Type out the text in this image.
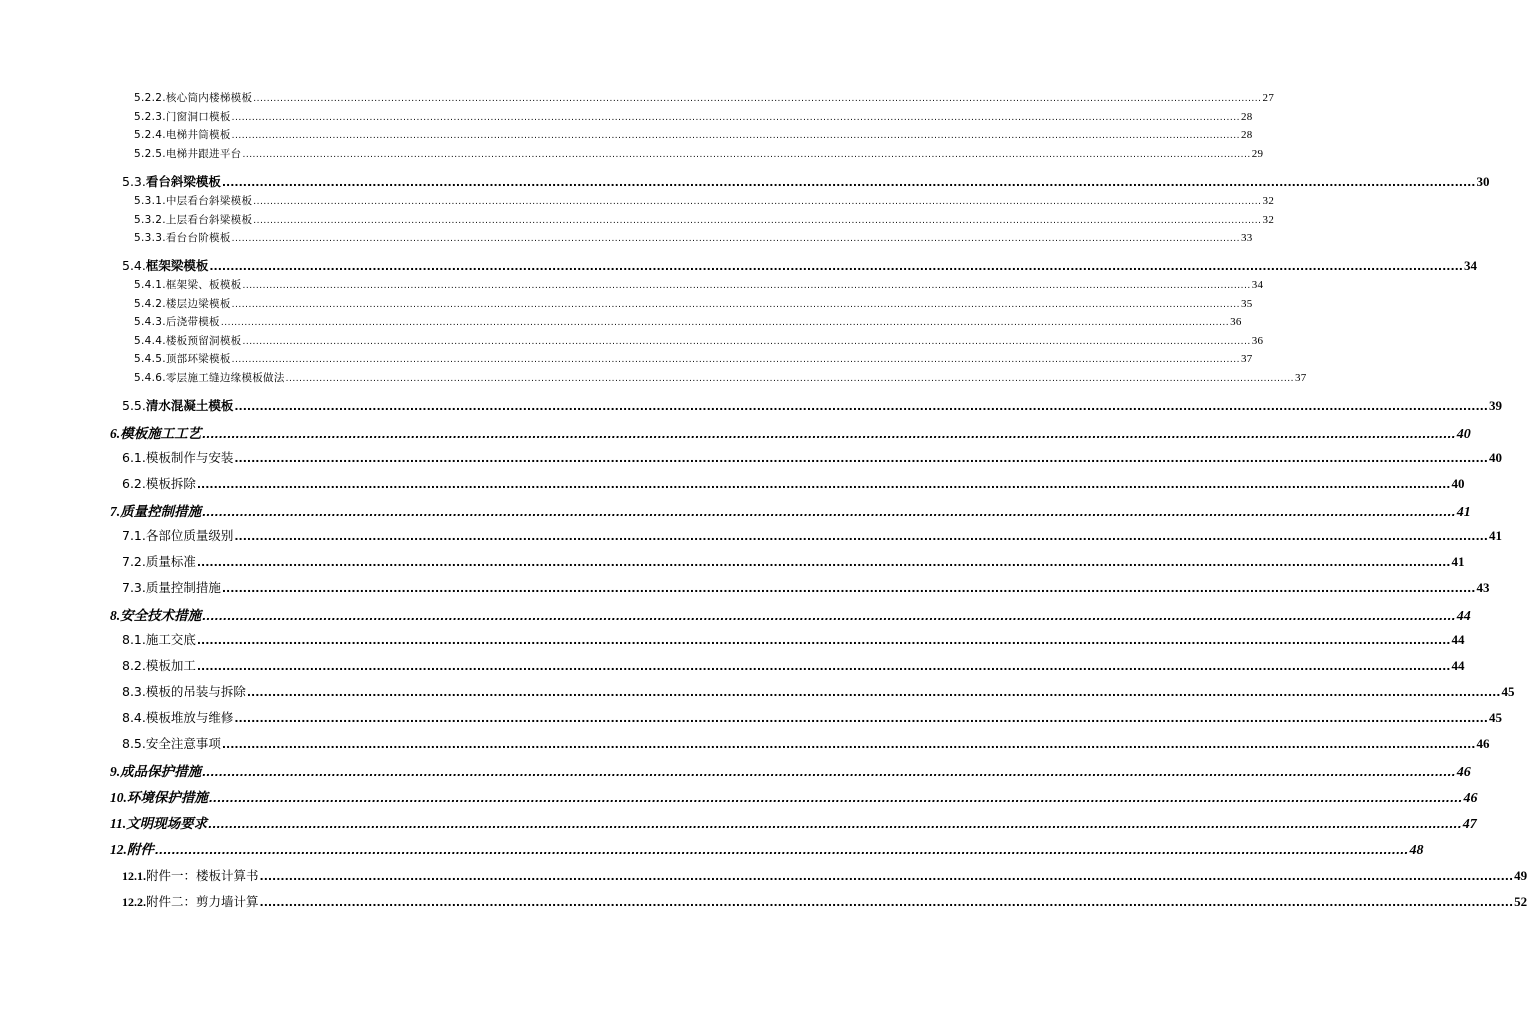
5.2.2. 核心筒内楼梯模板 ............................................................................................................................................................................................................................................................................................................ 27
5.2.3. 门窗洞口模板 ............................................................................................................................................................................................................................................................................................................ 28
5.2.4. 电梯井筒模板 ............................................................................................................................................................................................................................................................................................................ 28
5.2.5. 电梯井跟进平台 ............................................................................................................................................................................................................................................................................................................ 29
5.3. 看台斜梁模板 ............................................................................................................................................................................................................................................................................................................ 30
5.3.1. 中层看台斜梁模板 ............................................................................................................................................................................................................................................................................................................ 32
5.3.2. 上层看台斜梁模板 ............................................................................................................................................................................................................................................................................................................ 32
5.3.3. 看台台阶模板 ............................................................................................................................................................................................................................................................................................................ 33
5.4. 框架梁模板 ............................................................................................................................................................................................................................................................................................................ 34
5.4.1. 框架梁、板模板 ............................................................................................................................................................................................................................................................................................................ 34
5.4.2. 楼层边梁模板 ............................................................................................................................................................................................................................................................................................................ 35
5.4.3. 后浇带模板 ............................................................................................................................................................................................................................................................................................................ 36
5.4.4. 楼板预留洞模板 ............................................................................................................................................................................................................................................................................................................ 36
5.4.5. 顶部环梁模板 ............................................................................................................................................................................................................................................................................................................ 37
5.4.6. 零层施工缝边缘模板做法 ............................................................................................................................................................................................................................................................................................................ 37
5.5. 清水混凝土模板 ............................................................................................................................................................................................................................................................................................................ 39
6. 模板施工工艺 ............................................................................................................................................................................................................................................................................................................ 40
6.1. 模板制作与安装 ............................................................................................................................................................................................................................................................................................................ 40
6.2. 模板拆除 ............................................................................................................................................................................................................................................................................................................ 40
7. 质量控制措施 ............................................................................................................................................................................................................................................................................................................ 41
7.1. 各部位质量级别 ............................................................................................................................................................................................................................................................................................................ 41
7.2. 质量标准 ............................................................................................................................................................................................................................................................................................................ 41
7.3. 质量控制措施 ............................................................................................................................................................................................................................................................................................................ 43
8. 安全技术措施 ............................................................................................................................................................................................................................................................................................................ 44
8.1. 施工交底 ............................................................................................................................................................................................................................................................................................................ 44
8.2. 模板加工 ............................................................................................................................................................................................................................................................................................................ 44
8.3. 模板的吊装与拆除 ............................................................................................................................................................................................................................................................................................................ 45
8.4. 模板堆放与维修 ............................................................................................................................................................................................................................................................................................................ 45
8.5. 安全注意事项 ............................................................................................................................................................................................................................................................................................................ 46
9. 成品保护措施 ............................................................................................................................................................................................................................................................................................................ 46
10. 环境保护措施 ............................................................................................................................................................................................................................................................................................................ 46
11. 文明现场要求 ............................................................................................................................................................................................................................................................................................................ 47
12. 附件 ............................................................................................................................................................................................................................................................................................................ 48
12.1. 附件一：楼板计算书 ............................................................................................................................................................................................................................................................................................................ 49
12.2. 附件二：剪力墙计算 ............................................................................................................................................................................................................................................................................................................ 52
